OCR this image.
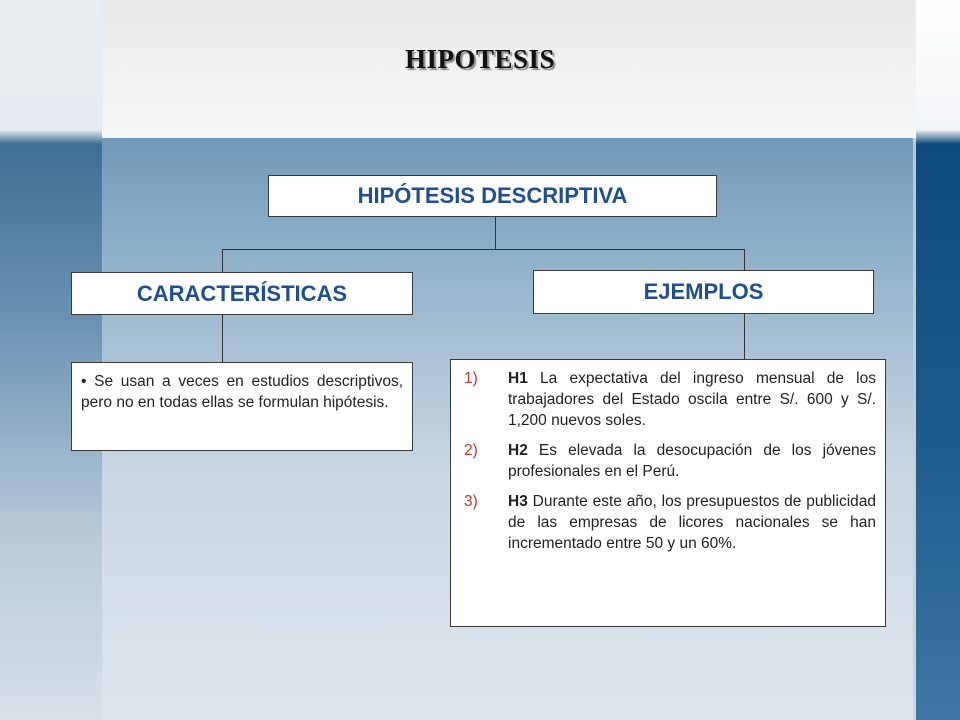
HIPOTESIS
HIPÓTESIS DESCRIPTIVA
CARACTERÍSTICAS	EJEMPLOS
• Se usan a veces en estudios descriptivos, pero no en todas ellas se formulan hipótesis.
1)	H1 La expectativa del ingreso mensual de los trabajadores del Estado oscila entre S/. 600 y S/. 1,200 nuevos soles.
2)	H2 Es elevada la desocupación de los jóvenes profesionales en el Perú.
3)	H3 Durante este año, los presupuestos de publicidad de las empresas de licores nacionales se han incrementado entre 50 y un 60%.
